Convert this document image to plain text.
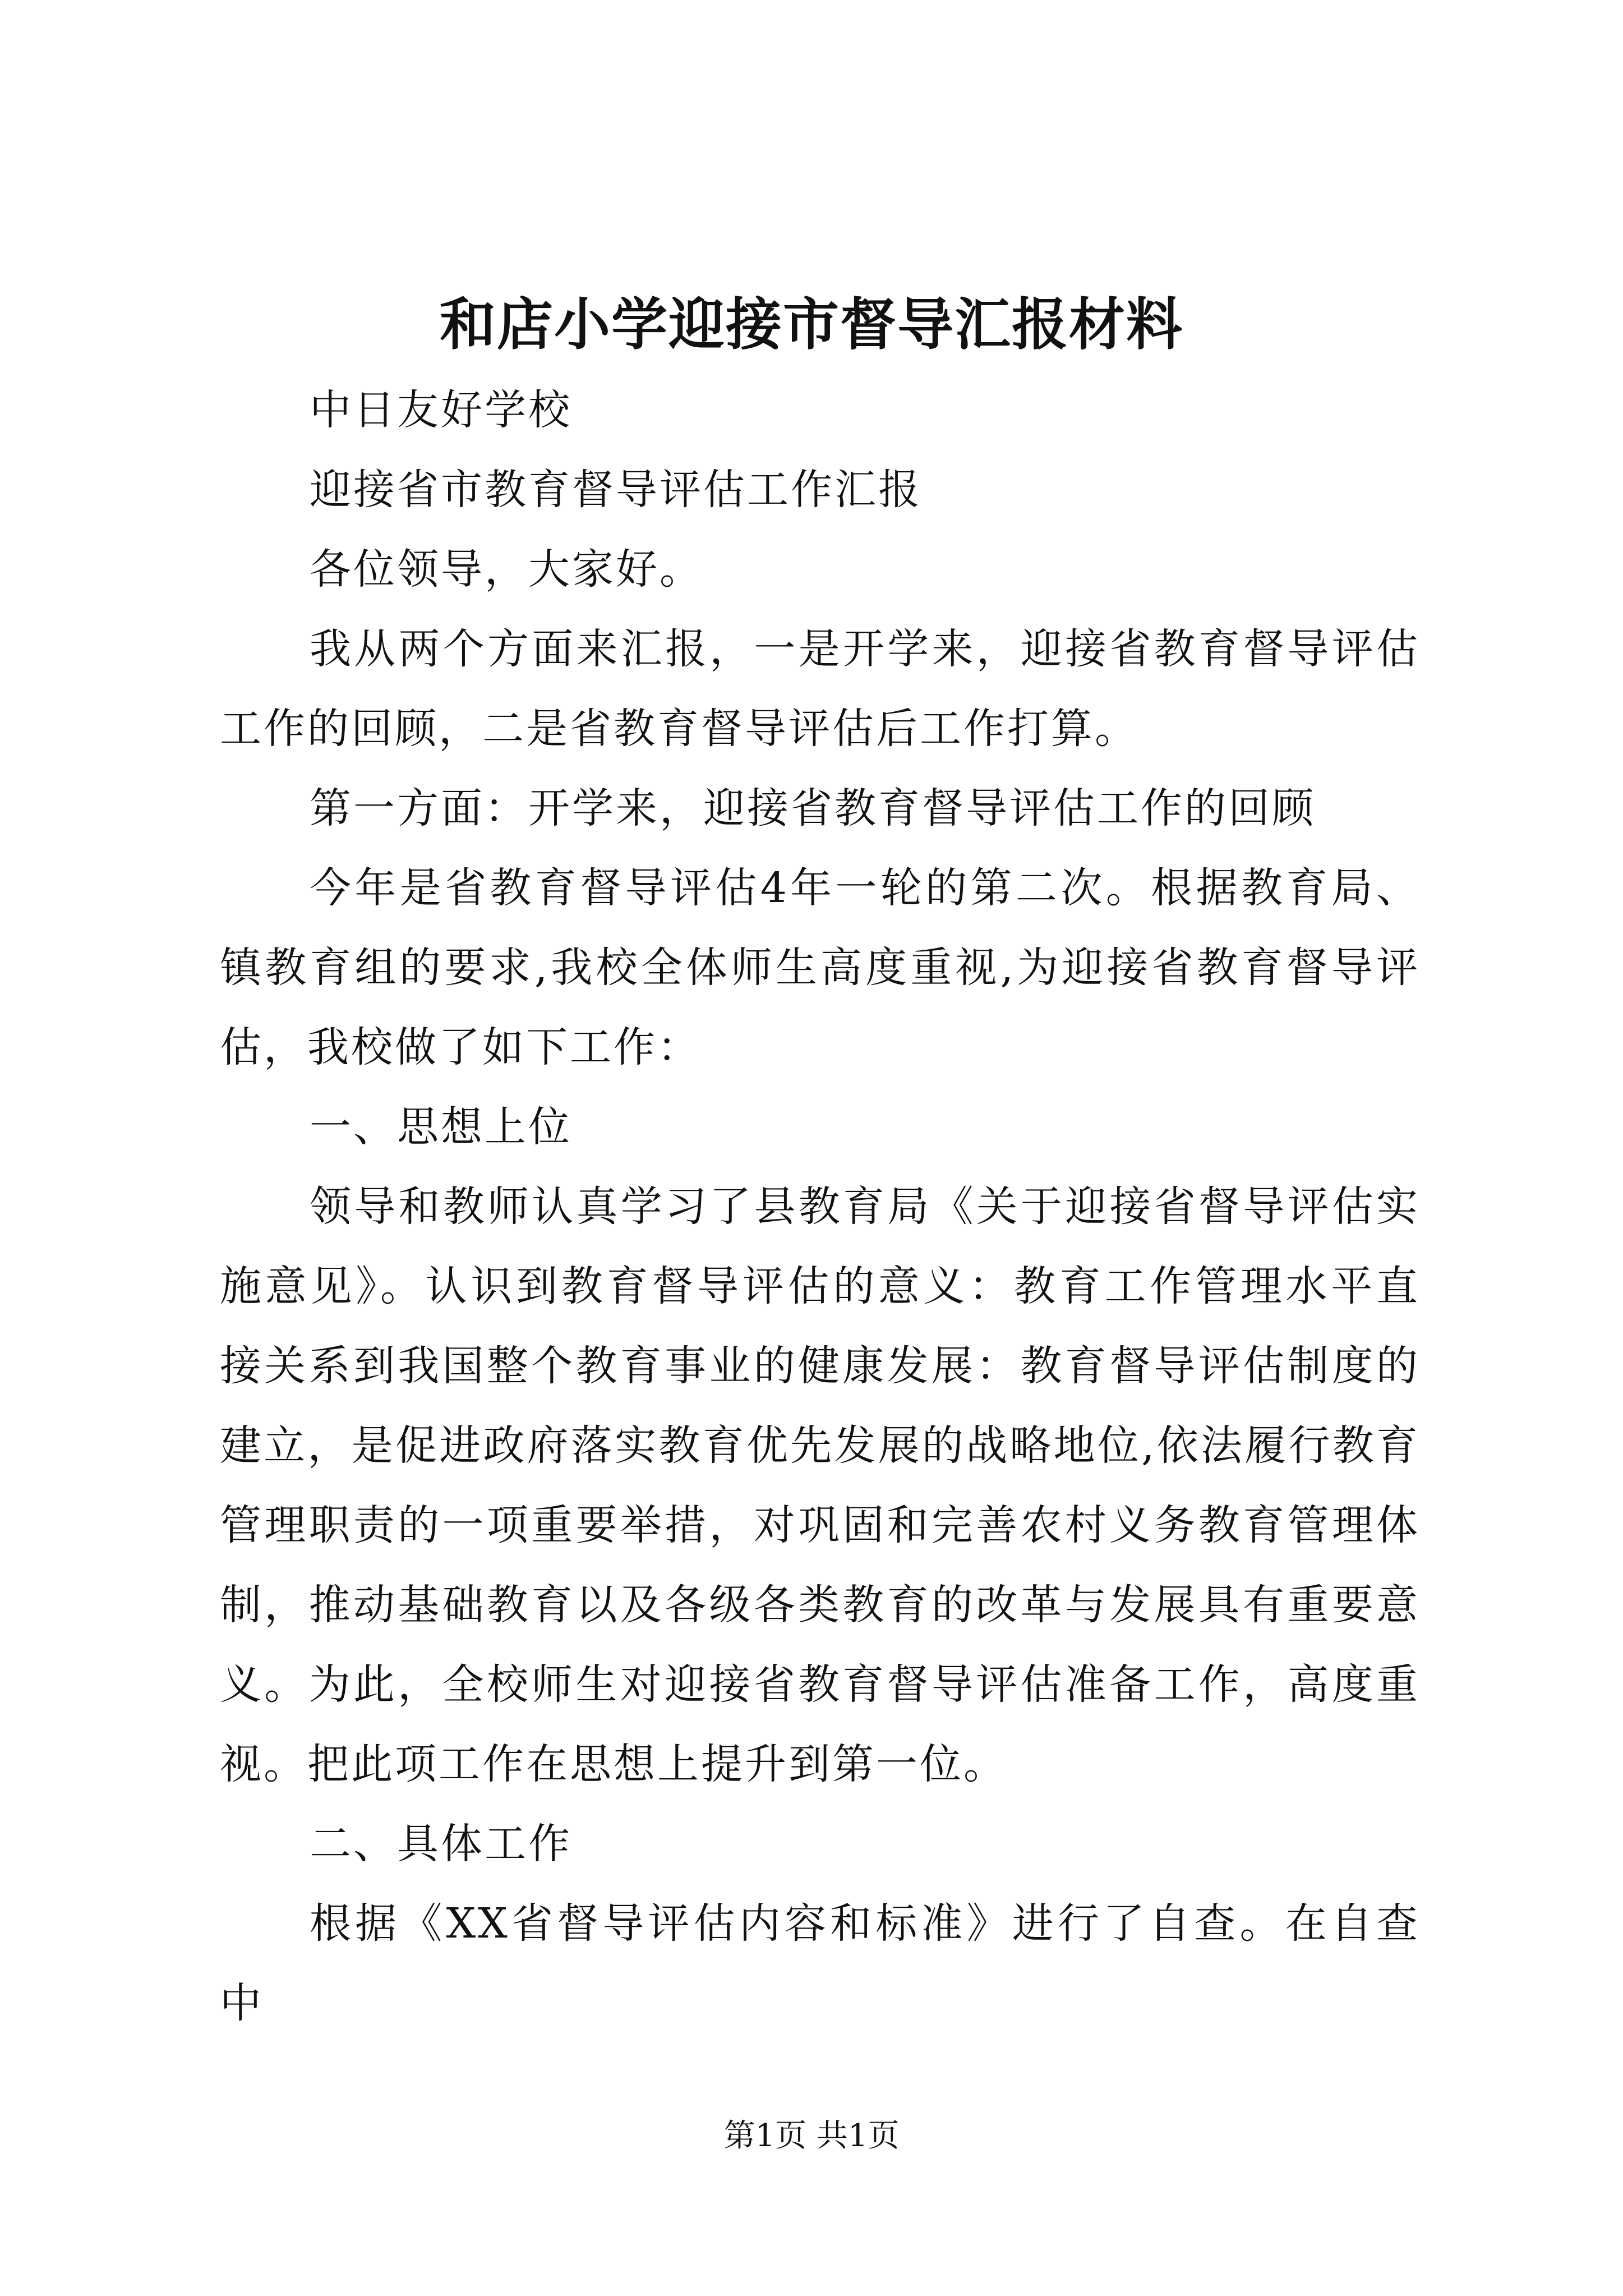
和店小学迎接市督导汇报材料

中日友好学校

迎接省市教育督导评估工作汇报

各位领导，大家好。

我从两个方面来汇报，一是开学来，迎接省教育督导评估工作的回顾，二是省教育督导评估后工作打算。

第一方面：开学来，迎接省教育督导评估工作的回顾

今年是省教育督导评估4年一轮的第二次。根据教育局、镇教育组的要求,我校全体师生高度重视,为迎接省教育督导评估，我校做了如下工作：

一、思想上位

领导和教师认真学习了县教育局《关于迎接省督导评估实施意见》。认识到教育督导评估的意义：教育工作管理水平直接关系到我国整个教育事业的健康发展：教育督导评估制度的建立，是促进政府落实教育优先发展的战略地位,依法履行教育管理职责的一项重要举措，对巩固和完善农村义务教育管理体制，推动基础教育以及各级各类教育的改革与发展具有重要意义。为此，全校师生对迎接省教育督导评估准备工作，高度重视。把此项工作在思想上提升到第一位。

二、具体工作

根据《XX省督导评估内容和标准》进行了自查。在自查中

第1页 共1页
